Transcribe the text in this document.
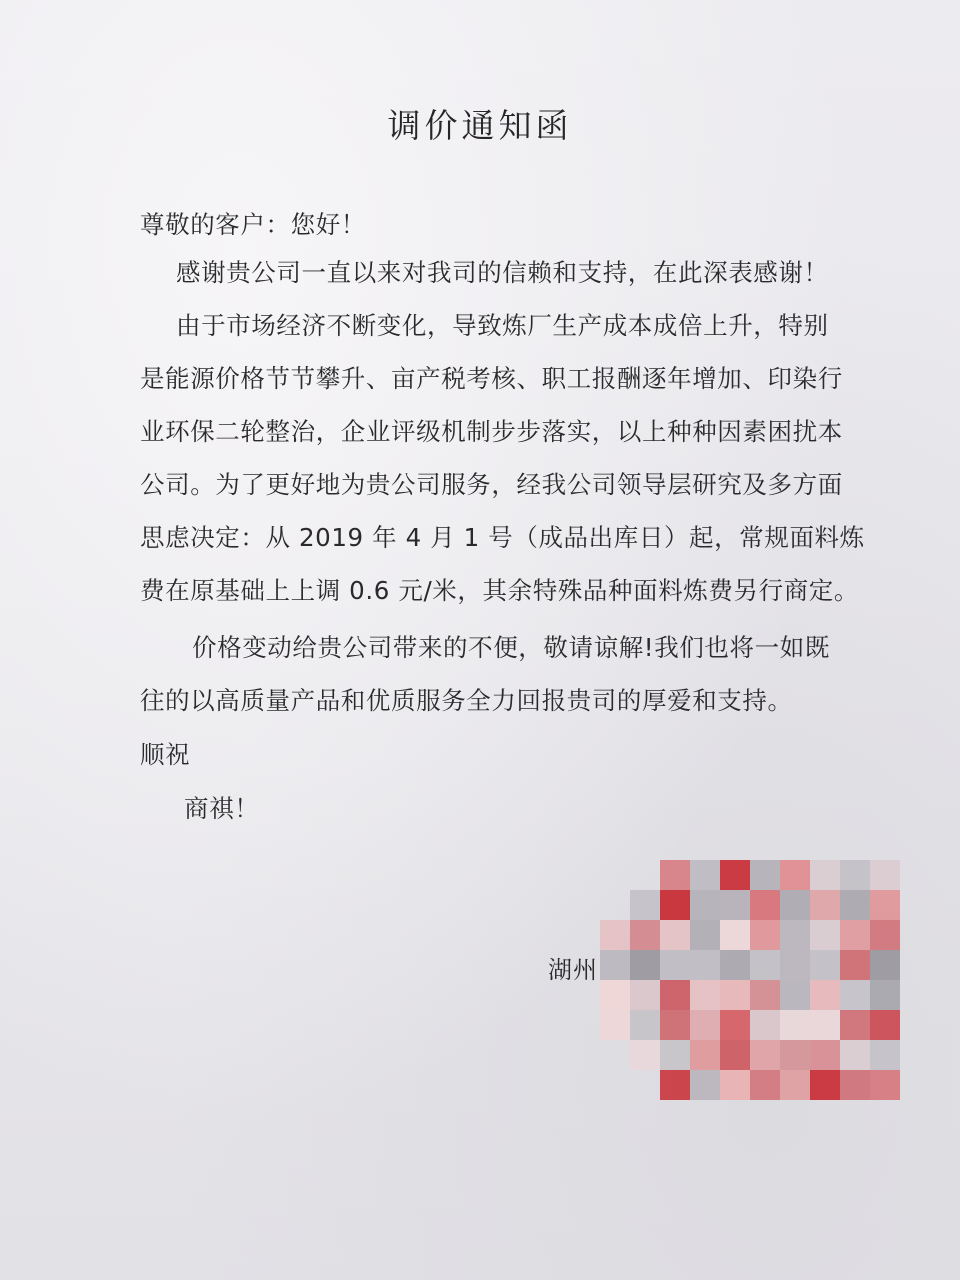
调价通知函
尊敬的客户：您好！
感谢贵公司一直以来对我司的信赖和支持，在此深表感谢！
由于市场经济不断变化，导致炼厂生产成本成倍上升，特别
是能源价格节节攀升、亩产税考核、职工报酬逐年增加、印染行
业环保二轮整治，企业评级机制步步落实，以上种种因素困扰本
公司。为了更好地为贵公司服务，经我公司领导层研究及多方面
思虑决定：从 2019 年 4 月 1 号（成品出库日）起，常规面料炼
费在原基础上上调 0.6 元/米，其余特殊品种面料炼费另行商定。
价格变动给贵公司带来的不便，敬请谅解!我们也将一如既
往的以高质量产品和优质服务全力回报贵司的厚爱和支持。
顺祝
商祺！
湖州
